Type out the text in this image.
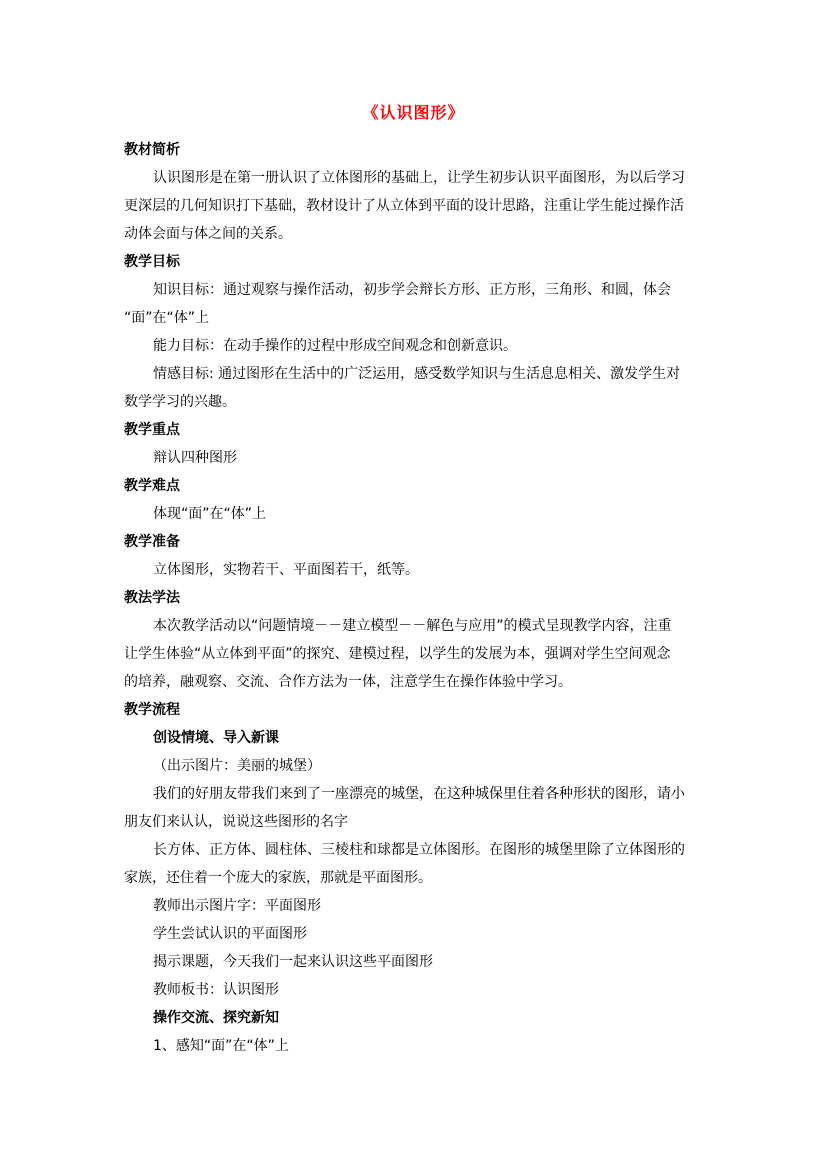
《认识图形》
教材简析
认识图形是在第一册认识了立体图形的基础上，让学生初步认识平面图形，为以后学习
更深层的几何知识打下基础，教材设计了从立体到平面的设计思路，注重让学生能过操作活
动体会面与体之间的关系。
教学目标
知识目标：通过观察与操作活动，初步学会辩长方形、正方形，三角形、和圆，体会
“面”在“体”上
能力目标：在动手操作的过程中形成空间观念和创新意识。
情感目标: 通过图形在生活中的广泛运用，感受数学知识与生活息息相关、激发学生对
数学学习的兴趣。
教学重点
辩认四种图形
教学难点
体现“面”在“体”上
教学准备
立体图形，实物若干、平面图若干，纸等。
教法学法
本次教学活动以“问题情境－－建立模型－－解色与应用”的模式呈现教学内容，注重
让学生体验“从立体到平面”的探究、建模过程，以学生的发展为本，强调对学生空间观念
的培养，融观察、交流、合作方法为一体，注意学生在操作体验中学习。
教学流程
创设情境、导入新课
（出示图片：美丽的城堡）
我们的好朋友带我们来到了一座漂亮的城堡，在这种城保里住着各种形状的图形，请小
朋友们来认认，说说这些图形的名字
长方体、正方体、圆柱体、三棱柱和球都是立体图形。在图形的城堡里除了立体图形的
家族，还住着一个庞大的家族，那就是平面图形。
教师出示图片字：平面图形
学生尝试认识的平面图形
揭示课题，今天我们一起来认识这些平面图形
教师板书：认识图形
操作交流、探究新知
1、感知“面”在“体”上
